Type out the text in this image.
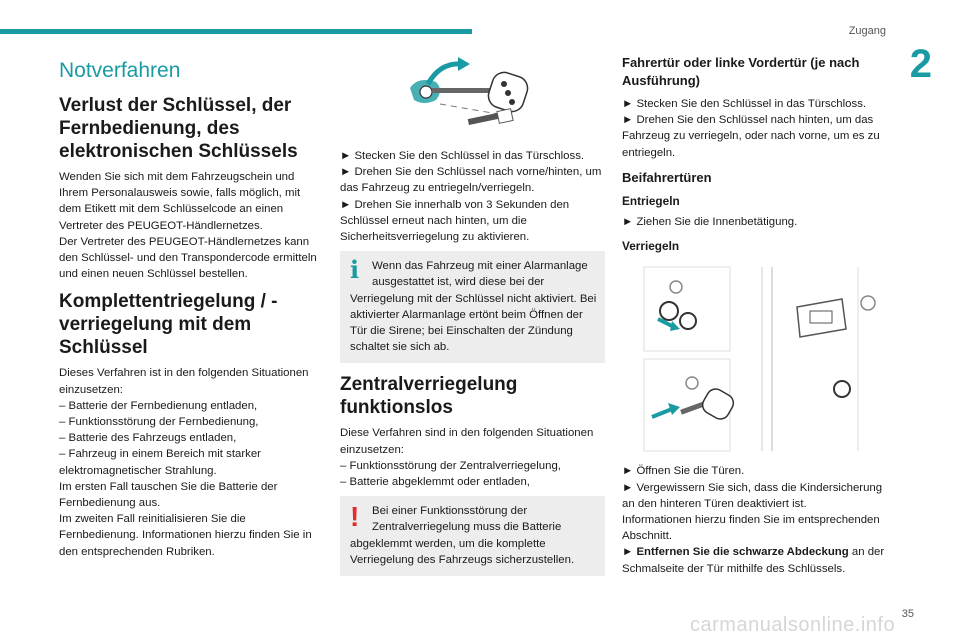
Zugang
2
Notverfahren
Verlust der Schlüssel, der Fernbedienung, des elektronischen Schlüssels

Wenden Sie sich mit dem Fahrzeugschein und Ihrem Personalausweis sowie, falls möglich, mit dem Etikett mit dem Schlüsselcode an einen Vertreter des PEUGEOT-Händlernetzes.

Der Vertreter des PEUGEOT-Händlernetzes kann den Schlüssel- und den Transpondercode ermitteln und einen neuen Schlüssel bestellen.

Komplettentriegelung / -verriegelung mit dem Schlüssel

Dieses Verfahren ist in den folgenden Situationen einzusetzen:

– Batterie der Fernbedienung entladen,

– Funktionsstörung der Fernbedienung,

– Batterie des Fahrzeugs entladen,

– Fahrzeug in einem Bereich mit starker elektromagnetischer Strahlung.

Im ersten Fall tauschen Sie die Batterie der Fernbedienung aus.

Im zweiten Fall reinitialisieren Sie die Fernbedienung. Informationen hierzu finden Sie in den entsprechenden Rubriken.

► Stecken Sie den Schlüssel in das Türschloss.

► Drehen Sie den Schlüssel nach vorne/hinten, um das Fahrzeug zu entriegeln/verriegeln.

► Drehen Sie innerhalb von 3 Sekunden den Schlüssel erneut nach hinten, um die Sicherheitsverriegelung zu aktivieren.

i	Wenn das Fahrzeug mit einer Alarmanlage ausgestattet ist, wird diese bei der Verriegelung mit der Schlüssel nicht aktiviert. Bei aktivierter Alarmanlage ertönt beim Öffnen der Tür die Sirene; bei Einschalten der Zündung schaltet sie sich ab.
Zentralverriegelung funktionslos

Diese Verfahren sind in den folgenden Situationen einzusetzen:

– Funktionsstörung der Zentralverriegelung,

– Batterie abgeklemmt oder entladen,

!	Bei einer Funktionsstörung der Zentralverriegelung muss die Batterie abgeklemmt werden, um die komplette Verriegelung des Fahrzeugs sicherzustellen.
Fahrertür oder linke Vordertür (je nach Ausführung)

► Stecken Sie den Schlüssel in das Türschloss.

► Drehen Sie den Schlüssel nach hinten, um das Fahrzeug zu verriegeln, oder nach vorne, um es zu entriegeln.

Beifahrertüren
Entriegeln

► Ziehen Sie die Innenbetätigung.

Verriegeln

► Öffnen Sie die Türen.

► Vergewissern Sie sich, dass die Kindersicherung an den hinteren Türen deaktiviert ist.

Informationen hierzu finden Sie im entsprechenden Abschnitt.

► Entfernen Sie die schwarze Abdeckung an der Schmalseite der Tür mithilfe des Schlüssels.

35
carmanualsonline.info
